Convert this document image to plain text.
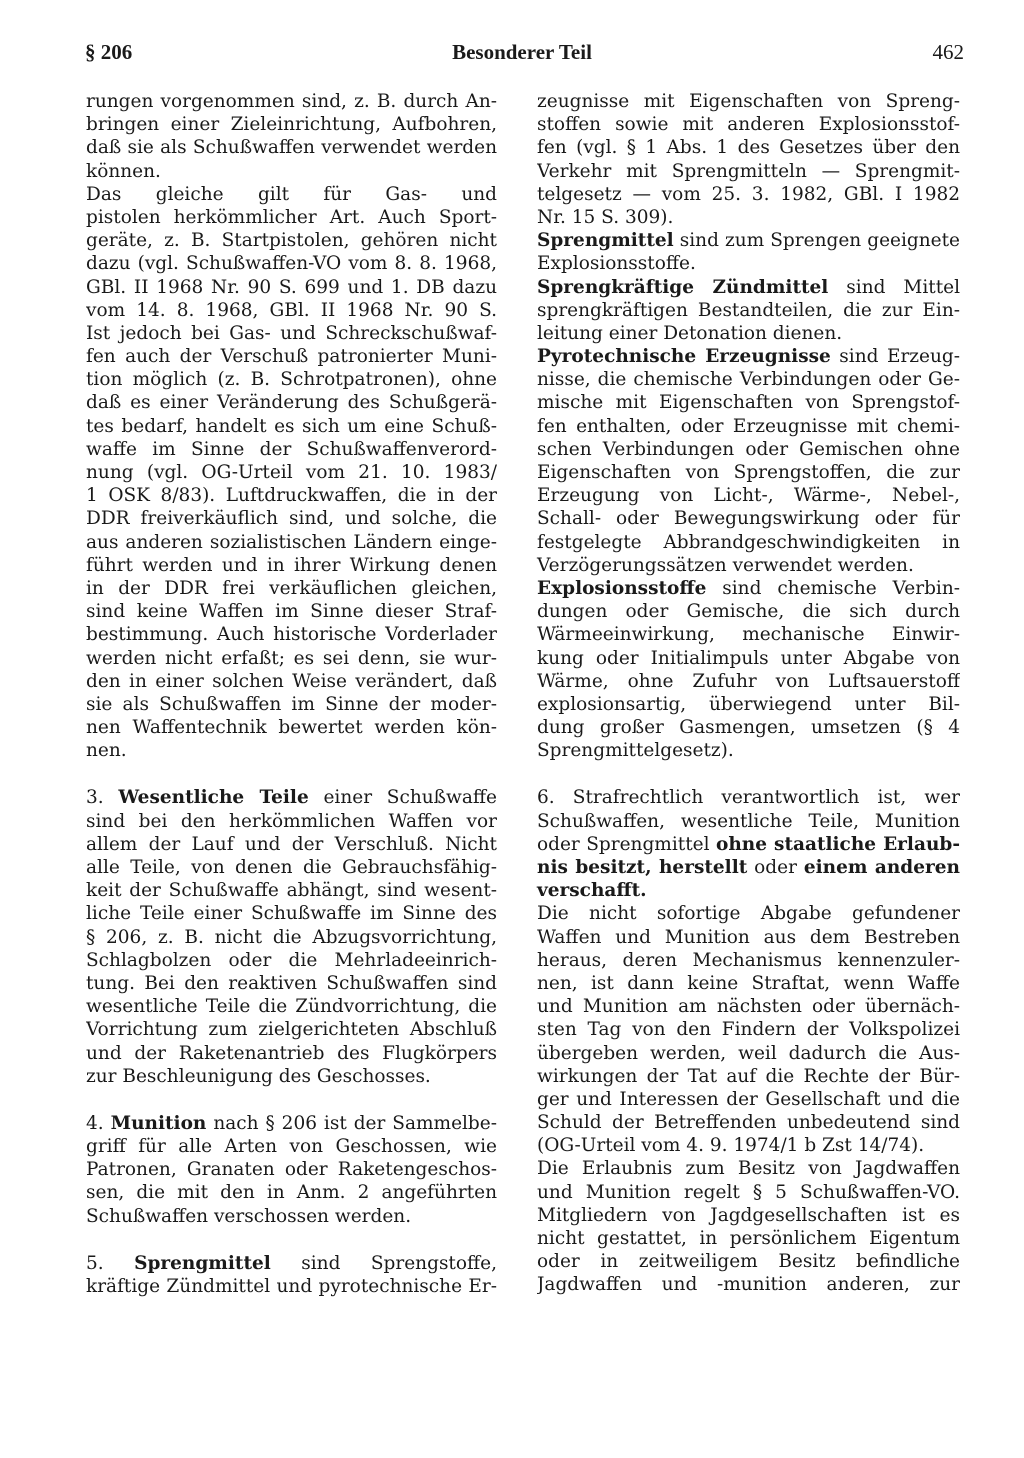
§ 206	Besonderer Teil	462
rungen vorgenommen sind, z. B. durch An-
bringen einer Zieleinrichtung, Aufbohren,
daß sie als Schußwaffen verwendet werden
können.
Das gleiche gilt für Gas- und
pistolen herkömmlicher Art. Auch Sport-
geräte, z. B. Startpistolen, gehören nicht
dazu (vgl. Schußwaffen-VO vom 8. 8. 1968,
GBl. II 1968 Nr. 90 S. 699 und 1. DB dazu
vom 14. 8. 1968, GBl. II 1968 Nr. 90 S.
Ist jedoch bei Gas- und Schreckschußwaf-
fen auch der Verschuß patronierter Muni-
tion möglich (z. B. Schrotpatronen), ohne
daß es einer Veränderung des Schußgerä-
tes bedarf, handelt es sich um eine Schuß-
waffe im Sinne der Schußwaffenverord-
nung (vgl. OG-Urteil vom 21. 10. 1983/
1 OSK 8/83). Luftdruckwaffen, die in der
DDR freiverkäuflich sind, und solche, die
aus anderen sozialistischen Ländern einge-
führt werden und in ihrer Wirkung denen
in der DDR frei verkäuflichen gleichen,
sind keine Waffen im Sinne dieser Straf-
bestimmung. Auch historische Vorderlader
werden nicht erfaßt; es sei denn, sie wur-
den in einer solchen Weise verändert, daß
sie als Schußwaffen im Sinne der moder-
nen Waffentechnik bewertet werden kön-
nen.
3. Wesentliche Teile einer Schußwaffe
sind bei den herkömmlichen Waffen vor
allem der Lauf und der Verschluß. Nicht
alle Teile, von denen die Gebrauchsfähig-
keit der Schußwaffe abhängt, sind wesent-
liche Teile einer Schußwaffe im Sinne des
§ 206, z. B. nicht die Abzugsvorrichtung,
Schlagbolzen oder die Mehrladeeinrich-
tung. Bei den reaktiven Schußwaffen sind
wesentliche Teile die Zündvorrichtung, die
Vorrichtung zum zielgerichteten Abschluß
und der Raketenantrieb des Flugkörpers
zur Beschleunigung des Geschosses.
4. Munition nach § 206 ist der Sammelbe-
griff für alle Arten von Geschossen, wie
Patronen, Granaten oder Raketengeschos-
sen, die mit den in Anm. 2 angeführten
Schußwaffen verschossen werden.
5. Sprengmittel sind Sprengstoffe,
kräftige Zündmittel und pyrotechnische Er-
zeugnisse mit Eigenschaften von Spreng-
stoffen sowie mit anderen Explosionsstof-
fen (vgl. § 1 Abs. 1 des Gesetzes über den
Verkehr mit Sprengmitteln — Sprengmit-
telgesetz — vom 25. 3. 1982, GBl. I 1982
Nr. 15 S. 309).
Sprengmittel sind zum Sprengen geeignete
Explosionsstoffe.
Sprengkräftige Zündmittel sind Mittel
sprengkräftigen Bestandteilen, die zur Ein-
leitung einer Detonation dienen.
Pyrotechnische Erzeugnisse sind Erzeug-
nisse, die chemische Verbindungen oder Ge-
mische mit Eigenschaften von Sprengstof-
fen enthalten, oder Erzeugnisse mit chemi-
schen Verbindungen oder Gemischen ohne
Eigenschaften von Sprengstoffen, die zur
Erzeugung von Licht-, Wärme-, Nebel-,
Schall- oder Bewegungswirkung oder für
festgelegte Abbrandgeschwindigkeiten in
Verzögerungssätzen verwendet werden.
Explosionsstoffe sind chemische Verbin-
dungen oder Gemische, die sich durch
Wärmeeinwirkung, mechanische Einwir-
kung oder Initialimpuls unter Abgabe von
Wärme, ohne Zufuhr von Luftsauerstoff
explosionsartig, überwiegend unter Bil-
dung großer Gasmengen, umsetzen (§ 4
Sprengmittelgesetz).
6. Strafrechtlich verantwortlich ist, wer
Schußwaffen, wesentliche Teile, Munition
oder Sprengmittel ohne staatliche Erlaub-
nis besitzt, herstellt oder einem anderen
verschafft.
Die nicht sofortige Abgabe gefundener
Waffen und Munition aus dem Bestreben
heraus, deren Mechanismus kennenzuler-
nen, ist dann keine Straftat, wenn Waffe
und Munition am nächsten oder übernäch-
sten Tag von den Findern der Volkspolizei
übergeben werden, weil dadurch die Aus-
wirkungen der Tat auf die Rechte der Bür-
ger und Interessen der Gesellschaft und die
Schuld der Betreffenden unbedeutend sind
(OG-Urteil vom 4. 9. 1974/1 b Zst 14/74).
Die Erlaubnis zum Besitz von Jagdwaffen
und Munition regelt § 5 Schußwaffen-VO.
Mitgliedern von Jagdgesellschaften ist es
nicht gestattet, in persönlichem Eigentum
oder in zeitweiligem Besitz befindliche
Jagdwaffen und -munition anderen, zur
